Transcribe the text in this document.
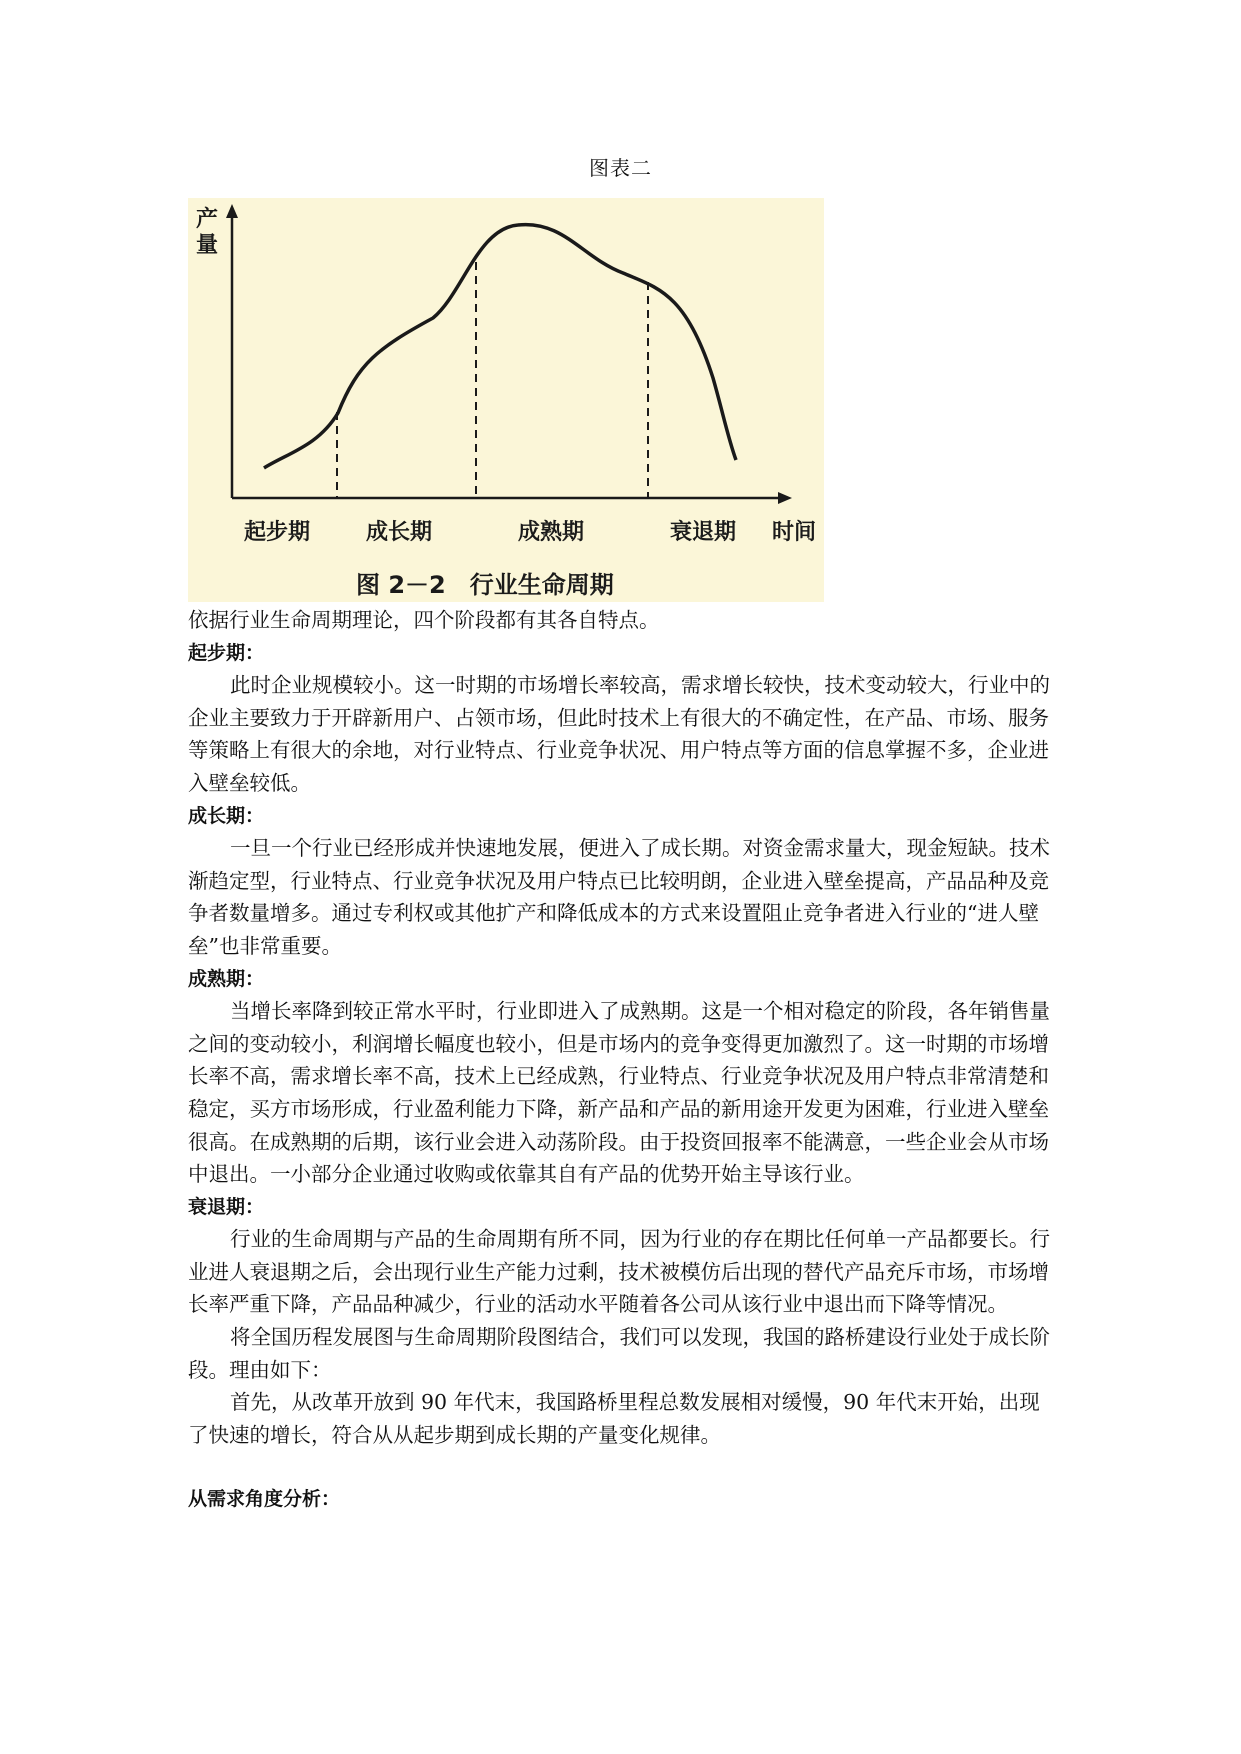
图表二
产
量
起步期	成长期	成熟期	衰退期 时间
图 2－2　行业生命周期

依据行业生命周期理论，四个阶段都有其各自特点。

起步期：

此时企业规模较小。这一时期的市场增长率较高，需求增长较快，技术变动较大，行业中的企业主要致力于开辟新用户、占领市场，但此时技术上有很大的不确定性，在产品、市场、服务等策略上有很大的余地，对行业特点、行业竞争状况、用户特点等方面的信息掌握不多，企业进入壁垒较低。

成长期：

一旦一个行业已经形成并快速地发展，便进入了成长期。对资金需求量大，现金短缺。技术渐趋定型，行业特点、行业竞争状况及用户特点已比较明朗，企业进入壁垒提高，产品品种及竞争者数量增多。通过专利权或其他扩产和降低成本的方式来设置阻止竞争者进入行业的“进人壁垒”也非常重要。

成熟期：

当增长率降到较正常水平时，行业即进入了成熟期。这是一个相对稳定的阶段，各年销售量之间的变动较小，利润增长幅度也较小，但是市场内的竞争变得更加激烈了。这一时期的市场增长率不高，需求增长率不高，技术上已经成熟，行业特点、行业竞争状况及用户特点非常清楚和稳定，买方市场形成，行业盈利能力下降，新产品和产品的新用途开发更为困难，行业进入壁垒很高。在成熟期的后期，该行业会进入动荡阶段。由于投资回报率不能满意，一些企业会从市场中退出。一小部分企业通过收购或依靠其自有产品的优势开始主导该行业。

衰退期：

行业的生命周期与产品的生命周期有所不同，因为行业的存在期比任何单一产品都要长。行业进人衰退期之后，会出现行业生产能力过剩，技术被模仿后出现的替代产品充斥市场，市场增长率严重下降，产品品种减少，行业的活动水平随着各公司从该行业中退出而下降等情况。

将全国历程发展图与生命周期阶段图结合，我们可以发现，我国的路桥建设行业处于成长阶段。理由如下：

首先，从改革开放到 90 年代末，我国路桥里程总数发展相对缓慢，90 年代末开始，出现了快速的增长，符合从从起步期到成长期的产量变化规律。

从需求角度分析：
